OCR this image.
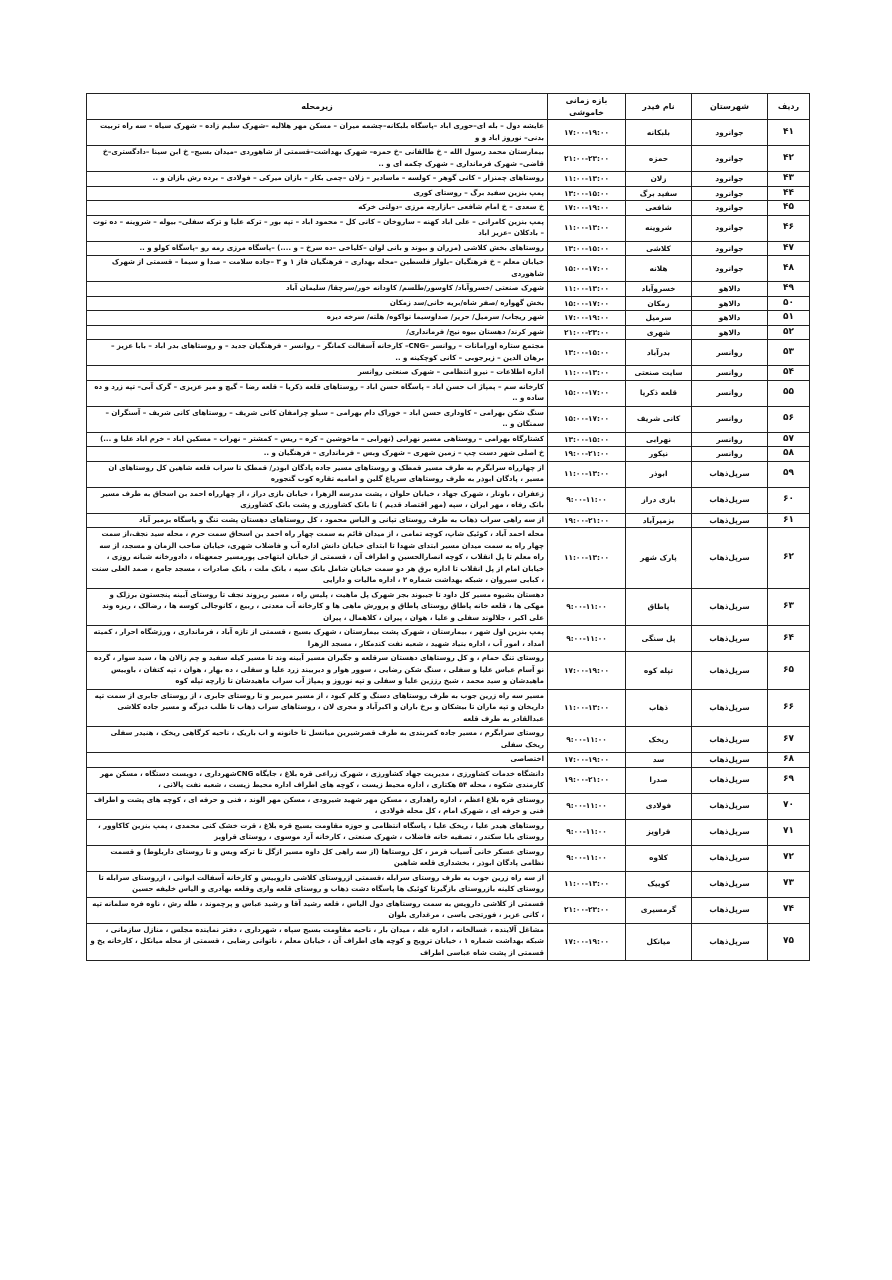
ردیف	شهرستان	نام فیدر	بازه زمانی خاموشی	زیرمحله
۴۱	جوانرود	بلبکانه	۱۷:۰۰-۱۹:۰۰	عایشه دول – بله ای–حوری اباد –پاسگاه بلبکانه–چشمه میران – مسکن مهر هلالیه –شهرک سلیم زاده – شهرک سیاه – سه راه تربیت بدنی– نوروز اباد و و
۴۲	جوانرود	حمزه	۲۱:۰۰-۲۳:۰۰	بیمارستان محمد رسول الله – خ طالقانی –خ حمزه– شهرک بهداشت–قسمتی از شاهوردی –میدان بسیج– خ ابن سینا –دادگستری–خ قاضی– شهرک فرمانداری – شهرک چکمه ای و ..
۴۳	جوانرود	زلان	۱۱:۰۰-۱۳:۰۰	روستاهای چمنزار – کانی گوهر – کولسه – ماسادیر – زلان –چمی بکار – بازان میرکی – فولادی – برده رش بازان و ..
۴۴	جوانرود	سفید برگ	۱۳:۰۰-۱۵:۰۰	پمپ بنزین سفید برگ – روستای کوری
۴۵	جوانرود	شافعی	۱۷:۰۰-۱۹:۰۰	خ سعدی – خ امام شافعی –بازارچه مرزی –دولتی خرکه
۴۶	جوانرود	شروینه	۱۱:۰۰-۱۳:۰۰	پمپ بنزین کامرانی – علی اباد کهنه – ساروخان – کانی کل – محمود اباد – تپه بور – ترکه علیا و ترکه سفلی– بیوله – شروینه – ده توت – بادکلان –عزیز اباد
۴۷	جوانرود	کلاشی	۱۳:۰۰-۱۵:۰۰	روستاهای بخش کلاشی (مزران و بیوند و بانی لوان –کلیاخی –ده سرخ – و ....) –پاسگاه مرزی رمه رو –پاسگاه کولو و ..
۴۸	جوانرود	هلانه	۱۵:۰۰-۱۷:۰۰	خیابان معلم – خ فرهنگیان –بلوار فلسطین –محله بهداری – فرهنگیان فاز ۱ و ۳ –جاده سلامت – صدا و سیما – قسمتی از شهرک شاهوردی
۴۹	دالاهو	خسروآباد	۱۱:۰۰-۱۳:۰۰	شهرک صنعتی /خسروآباد/ کاوسور/طلسم/ کاودانه خور/سرچقا/ سلیمان آباد
۵۰	دالاهو	زمکان	۱۵:۰۰-۱۷:۰۰	بخش گهواره /صفر شاه/بریه خانی/سد زمکان
۵۱	دالاهو	سرمیل	۱۷:۰۰-۱۹:۰۰	شهر ریجاب/ سرمیل/ حریر/ صداوسیما نواکوه/ هلته/ سرخه دیزه
۵۲	دالاهو	شهری	۲۱:۰۰-۲۳:۰۰	شهر کرند/ دهستان بیوه نیج/ فرمانداری/
۵۳	روانسر	بدرآباد	۱۳:۰۰-۱۵:۰۰	مجتمع ستاره اورامانات – روانسر –CNG– کارخانه آسفالت کمانگر – روانسر – فرهنگیان جدید – و روستاهای بدر اباد – بابا عزیز – برهان الدین – زیرجوبی – کانی کوچکینه و ..
۵۴	روانسر	سایت صنعتی	۱۱:۰۰-۱۳:۰۰	اداره اطلاعات – نیرو انتظامی – شهرک صنعتی روانسر
۵۵	روانسر	قلعه ذکریا	۱۵:۰۰-۱۷:۰۰	کارخانه سم – پمپاژ اب حسن اباد – پاسگاه حسن اباد – روستاهای قلعه ذکریا – قلعه رضا – گیچ و میر عزیزی – گرک آبی– تپه زرد و ده ساده و ..
۵۶	روانسر	کانی شریف	۱۵:۰۰-۱۷:۰۰	سنگ شکن بهرامی – کاوداری حسن اباد – خوراک دام بهرامی – سیلو چرامفان کانی شریف – روستاهای کانی شریف – آسنگران – سمنگان و ..
۵۷	روانسر	نهرابی	۱۳:۰۰-۱۵:۰۰	کشتارگاه بهرامی – روستاهی مسیر نهرابی (نهرابی – ماخوشین – کره – ریس – کمشتر – نهراب – مسکین اباد – خرم اباد علیا و ...)
۵۸	روانسر	نیکور	۱۹:۰۰-۲۱:۰۰	خ اصلی شهر دست چپ – زمین شهری – شهرک وبس – فرمانداری – فرهنگیان و ..
۵۹	سرپل‌ذهاب	ابوذر	۱۱:۰۰-۱۳:۰۰	از چهارراه سرابگرم به طرف مسیر قمطک و روستاهای مسیر جاده پادگان ابوذر/ قمطک تا سراب قلعه شاهین کل روستاهای ان مسیر ، پادگان ابوذر به طرف روستاهای سرپاغ گلین و امامیه تقاره کوب گنجوره
۶۰	سرپل‌ذهاب	بازی دراز	۹:۰۰-۱۱:۰۰	زعفران ، باونار ، شهرک جهاد ، خیابان حلوان ، پشت مدرسه الزهرا ، خیابان بازی دراز ، از چهارراه احمد بن اسحاق به طرف مسیر بانک رفاه ، مهر ایران ، سپه (مهر اقتصاد قدیم ) تا بانک کشاورزی و پشت بانک کشاورزی
۶۱	سرپل‌ذهاب	بزمیرآباد	۱۹:۰۰-۲۱:۰۰	از سه راهی سراب ذهاب به طرف روستای تپانی و الیاس محمود ، کل روستاهای دهستان پشت تنگ و پاسگاه بزمیر آباد
۶۲	سرپل‌ذهاب	پارک شهر	۱۱:۰۰-۱۳:۰۰	محله احمد آباد ، کوئیک شاپ، کوچه تمامی ، از میدان قائم به سمت چهار راه احمد بن اسحاق سمت حرم ، محله سید نجف،از سمت چهار راه به سمت میدان مسیر ابتدای شهدا تا ابتدای خیابان دانش اداره آب و فاضلاب شهری، خیابان صاحب الزمان و مسجد، از سه راه معلم تا پل انقلاب ، کوچه انصارالحسین و اطراف آن ، قسمتی از خیابان ابتهاجی پورمسیر جمعهناه ، دادورخانه شبانه روزی ، خیابان امام از پل انقلاب تا اداره برق هر دو سمت خیابان شامل بانک سپه ، بانک ملت ، بانک صادرات ، مسجد جامع ، صمد العلی سنت ، کبابی سیروان ، شبکه بهداشت شماره ۲ ، اداره مالیات و دارایی
۶۳	سرپل‌ذهاب	پاطاق	۹:۰۰-۱۱:۰۰	دهستان بشیوه مسیر کل داود تا جیبوند بجز شهرک پل ماهیت ، پلیس راه ، مسیر ریزوند نجف تا روستای آبینه پنجستون برزلک و مهکی ها ، قلعه خانه پاطاق روستای پاطاق و پرورش ماهی ها و کارخانه آب معدنی ، ربیع ، کانوجالی کوسه ها ، رضالک ، ریزه وند علی اکبر ، جلالوند سفلی و علیا ، هوان ، پیران ، کلاهمال ، پیران
۶۴	سرپل‌ذهاب	پل سنگی	۹:۰۰-۱۱:۰۰	پمپ بنزین اول شهر ، بیمارستان ، شهرک پشت بیمارستان ، شهرک بسیج ، قسمتی از تازه آباد ، فرمانداری ، ورزشگاه احرار ، کمیته امداد ، امور آب ، اداره بنیاد شهید ، شعبه نفت کندمکار ، مسجد الزهرا
۶۵	سرپل‌ذهاب	تپله کوه	۱۷:۰۰-۱۹:۰۰	روستای تنگ حمام ، و کل روستاهای دهستان سرقلعه و جگیران مسیر آبینه وند تا مسیر کیله سفید و چم زالان ها ، سید سوار ، گرده نو آسام عباس علیا و سفلی ، سنگ شکن رضایی ، سوور هوار و دیرییند زرد علیا و سفلی ، ده بهار ، هوان ، تپه کتفان ، باوییس ماهیدشان و سید محمد ، شیخ رززین علیا و سفلی و تپه نوروز و پمپاژ آب سراب ماهیدشان تا زارچه تپله کوه
۶۶	سرپل‌ذهاب	ذهاب	۱۱:۰۰-۱۳:۰۰	مسیر سه راه زرین جوب به طرف روستاهای دسنگ و کلم کبود ، از مسیر میربیر و تا روستای جابری ، از روستای جابری از سمت تپه داریخان و تپه ماران تا بیشکان و برخ باران و اکبرآباد و مجری لان ، روستاهای سراب ذهاب تا طلب دیزگه و مسیر جاده کلاشی عبدالقادر به طرف قلعه
۶۷	سرپل‌ذهاب	ریخک	۹:۰۰-۱۱:۰۰	روستای سرابگرم ، مسیر جاده کمربندی به طرف قصرشیرین میانسل تا خانونه و اب باریک ، ناحیه کرگاهی ریخک ، هنیدر سفلی ریخک سفلی
۶۸	سرپل‌ذهاب	سد	۱۷:۰۰-۱۹:۰۰	اختصاصی
۶۹	سرپل‌ذهاب	صدرا	۱۹:۰۰-۲۱:۰۰	دانشگاه خدمات کشاورزی ، مدیریت جهاد کشاورزی ، شهرک زراعی قره بلاغ ، جایگاه CNGشهرداری ، دویست دستگاه ، مسکن مهر کارمندی شکوه ، محله ۵۴ هکتاری ، اداره محیط زیست ، کوچه های اطراف اداره محیط زیست ، شعبه نفت پالانی ،
۷۰	سرپل‌ذهاب	فولادی	۹:۰۰-۱۱:۰۰	روستای قره بلاغ اعظم ، اداره راهداری ، مسکن مهر شهید شیرودی ، مسکن مهر الوند ، فنی و حرفه ای ، کوچه های پشت و اطراف فنی و حرفه ای ، شهرک امام ، کل محله فولادی ،
۷۱	سرپل‌ذهاب	قراویز	۹:۰۰-۱۱:۰۰	روستاهای هیدر علیا ، ریخک علیا ، پاسگاه انتظامی و حوزه مقاومت بسیج قره بلاغ ، قرت خشک کنی محمدی ، پمپ بنزین کاکاوور ، روستای بابا سکندر ، تصفیه خانه فاضلاب ، شهرک صنعتی ، کارخانه آرد موسوی ، روستای قراویز
۷۲	سرپل‌ذهاب	کلاوه	۹:۰۰-۱۱:۰۰	روستای عسکر خانی آسیاب قرمز ، کل روستاها (از سه راهی کل داوه مسیر ازگل تا ترکه ویس و تا روستای داربلوط) و قسمت نظامی پادگان ابوذر ، بخشداری قلعه شاهین
۷۳	سرپل‌ذهاب	کوییک	۱۱:۰۰-۱۳:۰۰	از سه راه زرین جوب به طرف روستای سرابله ،قسمتی ازروستای کلاشی داروییس و کارخانه آسفالت ابوانی ، ازروستای سرابله تا روستای کلینه بازروستای بازگیرتا کوئیک ها پاسگاه دشت ذهاب و روستای قلعه واری وقلعه بهادری و الیاس خلیفه حسین
۷۴	سرپل‌ذهاب	گرمسیری	۲۱:۰۰-۲۳:۰۰	قسمتی از کلاشی دارویس به سمت روستاهای دول الیاس ، قلعه رشید آقا و رشید عباس و پرچموند ، طله رش ، ناوه فره سلمانه تپه ، کانی عزیز ، فورتجی یاسی ، مرغداری بلوان
۷۵	سرپل‌ذهاب	میانکل	۱۷:۰۰-۱۹:۰۰	مشاغل آلاینده ، غسالخانه ، اداره غله ، میدان بار ، ناحیه مقاومت بسیج سپاه ، شهرداری ، دفتر نماینده مجلس ، منازل سازمانی ، شبکه بهداشت شماره ۱ ، خیابان ترویج و کوچه های اطراف آن ، خیابان معلم ، ناتوانی رضایی ، قسمتی از محله میانکل ، کارخانه یخ و قسمتی از پشت شاه عباسی اطراف
